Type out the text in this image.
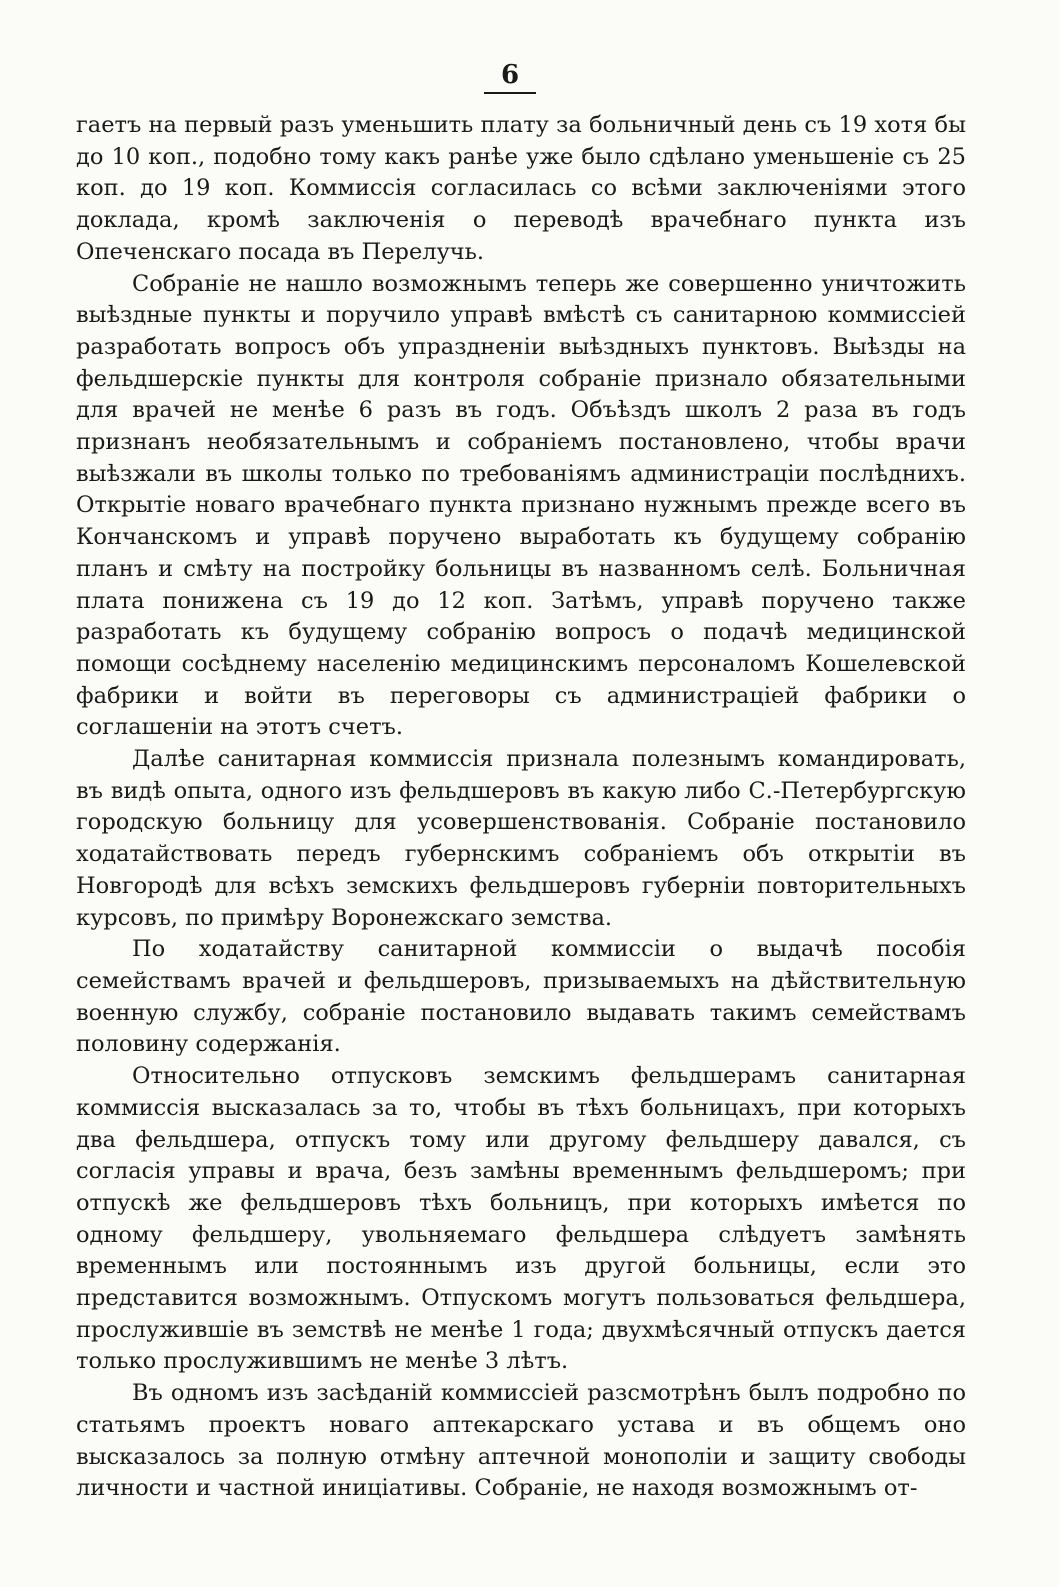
6

гаетъ на первый разъ уменьшить плату за больничный день съ 19 хотя бы до 10 коп., подобно тому какъ ранѣе уже было сдѣлано уменьшеніе съ 25 коп. до 19 коп. Коммиссія согласилась со всѣми заключеніями этого доклада, кромѣ заключенія о переводѣ врачебнаго пункта изъ Опеченскаго посада въ Перелучь.

Собраніе не нашло возможнымъ теперь же совершенно уничтожить выѣздные пункты и поручило управѣ вмѣстѣ съ санитарною коммиссіей разработать вопросъ объ упраздненіи выѣздныхъ пунктовъ. Выѣзды на фельдшерскіе пункты для контроля собраніе признало обязательными для врачей не менѣе 6 разъ въ годъ. Объѣздъ школъ 2 раза въ годъ признанъ необязательнымъ и собраніемъ постановлено, чтобы врачи выѣзжали въ школы только по требованіямъ администраціи послѣднихъ. Открытіе новаго врачебнаго пункта признано нужнымъ прежде всего въ Кончанскомъ и управѣ поручено выработать къ будущему собранію планъ и смѣту на постройку больницы въ названномъ селѣ. Больничная плата понижена съ 19 до 12 коп. Затѣмъ, управѣ поручено также разработать къ будущему собранію вопросъ о подачѣ медицинской помощи сосѣднему населенію медицинскимъ персоналомъ Кошелевской фабрики и войти въ переговоры съ администраціей фабрики о соглашеніи на этотъ счетъ.

Далѣе санитарная коммиссія признала полезнымъ командировать, въ видѣ опыта, одного изъ фельдшеровъ въ какую либо С.-Петербургскую городскую больницу для усовершенствованія. Собраніе постановило ходатайствовать передъ губернскимъ собраніемъ объ открытіи въ Новгородѣ для всѣхъ земскихъ фельдшеровъ губерніи повторительныхъ курсовъ, по примѣру Воронежскаго земства.

По ходатайству санитарной коммиссіи о выдачѣ пособія семействамъ врачей и фельдшеровъ, призываемыхъ на дѣйствительную военную службу, собраніе постановило выдавать такимъ семействамъ половину содержанія.

Относительно отпусковъ земскимъ фельдшерамъ санитарная коммиссія высказалась за то, чтобы въ тѣхъ больницахъ, при которыхъ два фельдшера, отпускъ тому или другому фельдшеру давался, съ согласія управы и врача, безъ замѣны временнымъ фельдшеромъ; при отпускѣ же фельдшеровъ тѣхъ больницъ, при которыхъ имѣется по одному фельдшеру, увольняемаго фельдшера слѣдуетъ замѣнять временнымъ или постояннымъ изъ другой больницы, если это представится возможнымъ. Отпускомъ могутъ пользоваться фельдшера, прослужившіе въ земствѣ не менѣе 1 года; двухмѣсячный отпускъ дается только прослужившимъ не менѣе 3 лѣтъ.

Въ одномъ изъ засѣданій коммиссіей разсмотрѣнъ былъ подробно по статьямъ проектъ новаго аптекарскаго устава и въ общемъ оно высказалось за полную отмѣну аптечной монополіи и защиту свободы личности и частной иниціативы. Собраніе, не находя возможнымъ от-
